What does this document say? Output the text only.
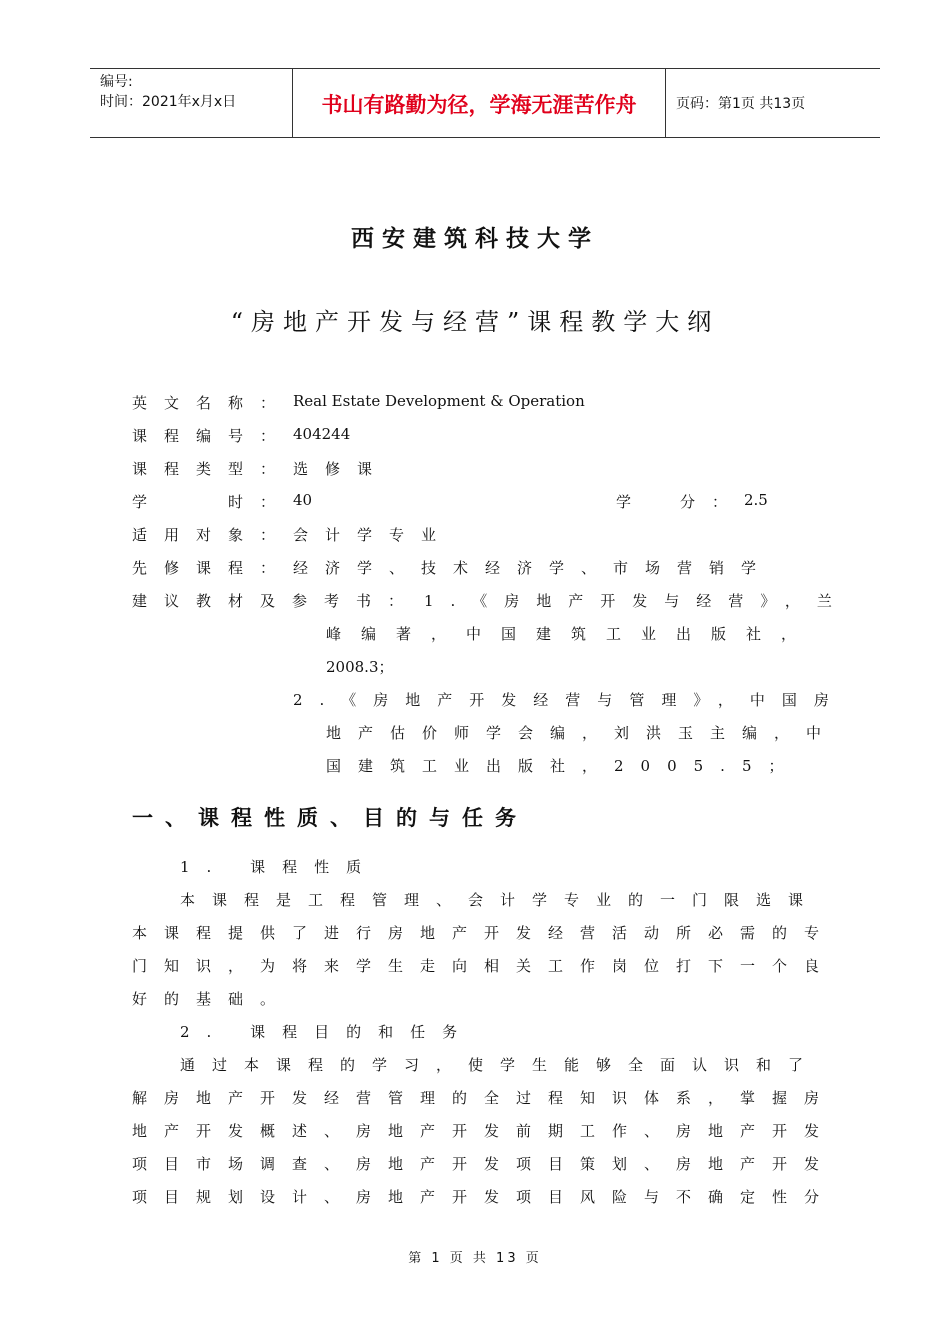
编号:
时间：2021年x月x日	书山有路勤为径，学海无涯苦作舟	页码：第1页 共13页
西安建筑科技大学
“房地产开发与经营”课程教学大纲
英文名称： Real Estate Development & Operation
课程编号： 404244
课程类型： 选修课
学　　时： 40	学　分： 2.5
适用对象： 会计学专业
先修课程： 经济学、技术经济学、市场营销学
建议教材及参考书： 1.《房地产开发与经营》，兰
峰编著，中国建筑工业出版社，
2008.3；
2.《房地产开发经营与管理》，中国房
地产估价师学会编，刘洪玉主编，中
国建筑工业出版社，2005.5；
一、课程性质、目的与任务
1. 课程性质
本课程是工程管理、会计学专业的一门限选课
本课程提供了进行房地产开发经营活动所必需的专
门知识，为将来学生走向相关工作岗位打下一个良
好的基础。
2. 课程目的和任务
通过本课程的学习，使学生能够全面认识和了
解房地产开发经营管理的全过程知识体系，掌握房
地产开发概述、房地产开发前期工作、房地产开发
项目市场调查、房地产开发项目策划、房地产开发
项目规划设计、房地产开发项目风险与不确定性分
第 1 页 共 13 页
